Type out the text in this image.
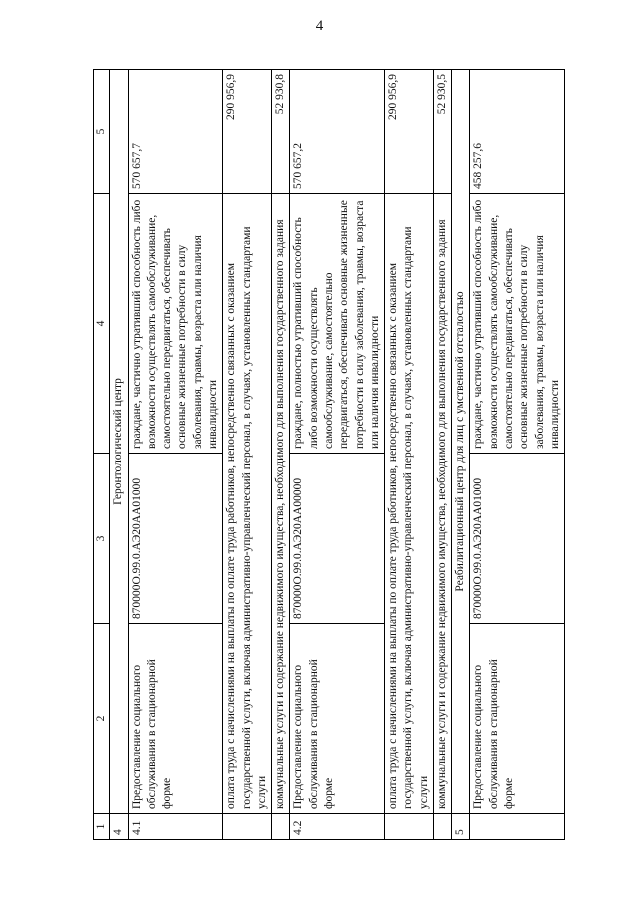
4
1	2	3	4	5
4	Геронтологический центр			
4.1	Предоставление социального обслуживания в стационарной форме	870000О.99.0.АЭ20АА01000	граждане, частично утративший способность либо возможности осуществлять самообслуживание, самостоятельно передвигаться, обеспечивать основные жизненные потребности в силу заболевания, травмы, возраста или наличия инвалидности	570 657,7
	оплата труда с начислениями на выплаты по оплате труда работников, непосредственно связанных с оказанием государственной услуги, включая административно-управленческий персонал, в случаях, установленных стандартами услуги			290 956,9
	коммунальные услуги и содержание недвижимого имущества, необходимого для выполнения государственного задания			52 930,8
4.2	Предоставление социального обслуживания в стационарной форме	870000О.99.0.АЭ20АА00000	граждане, полностью утративший способность либо возможности осуществлять самообслуживание, самостоятельно передвигаться, обеспечивать основные жизненные потребности в силу заболевания, травмы, возраста или наличия инвалидности	570 657,2
	оплата труда с начислениями на выплаты по оплате труда работников, непосредственно связанных с оказанием государственной услуги, включая административно-управленческий персонал, в случаях, установленных стандартами услуги			290 956,9
	коммунальные услуги и содержание недвижимого имущества, необходимого для выполнения государственного задания			52 930,5
5	Реабилитационный центр для лиц с умственной отсталостью			
	Предоставление социального обслуживания в стационарной форме	870000О.99.0.АЭ20АА01000	граждане, частично утративший способность либо возможности осуществлять самообслуживание, самостоятельно передвигаться, обеспечивать основные жизненные потребности в силу заболевания, травмы, возраста или наличия инвалидности	458 257,6
